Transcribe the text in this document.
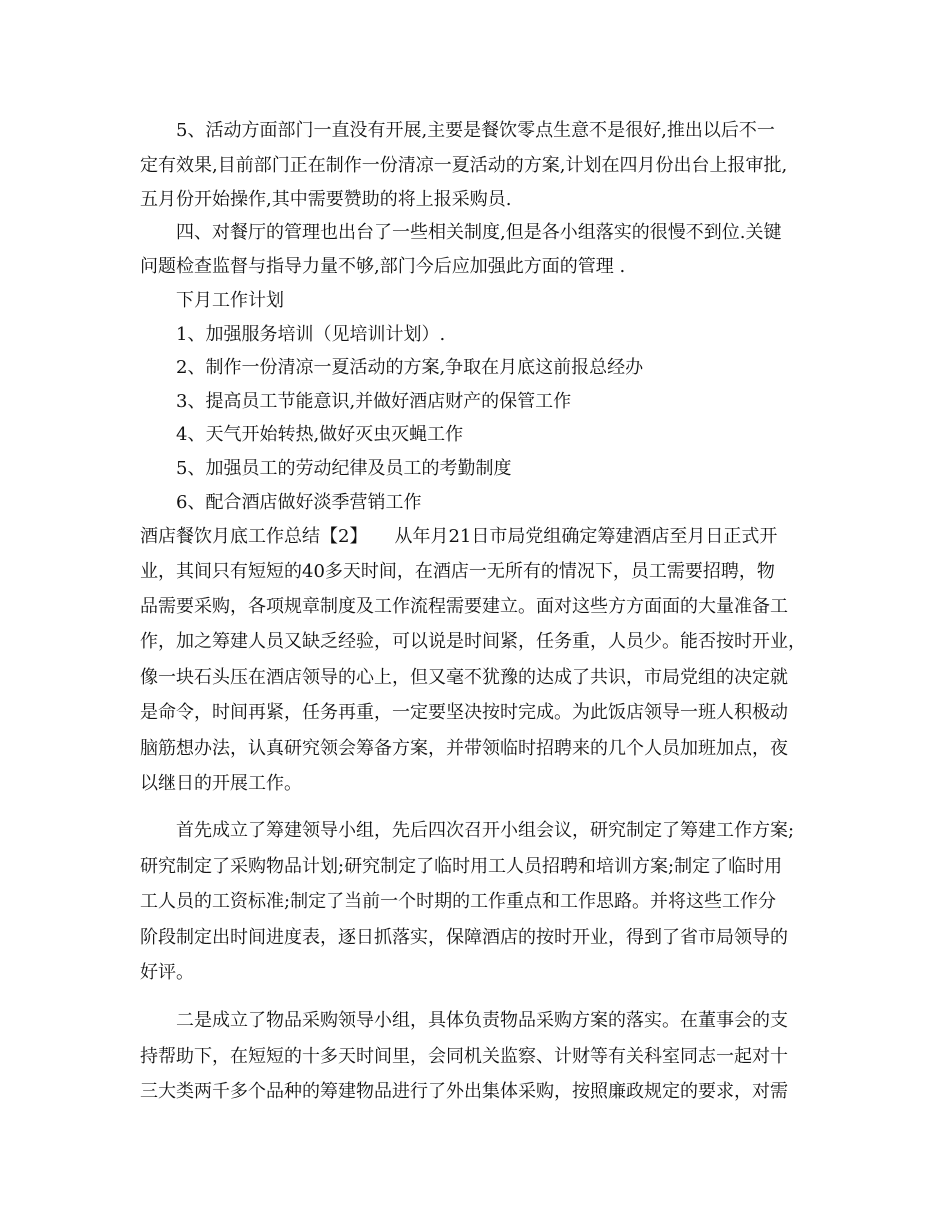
5、活动方面部门一直没有开展,主要是餐饮零点生意不是很好,推出以后不一
定有效果,目前部门正在制作一份清凉一夏活动的方案,计划在四月份出台上报审批,
五月份开始操作,其中需要赞助的将上报采购员.
四、对餐厅的管理也出台了一些相关制度,但是各小组落实的很慢不到位.关键
问题检查监督与指导力量不够,部门今后应加强此方面的管理 .
下月工作计划
1、加强服务培训（见培训计划）.
2、制作一份清凉一夏活动的方案,争取在月底这前报总经办
3、提高员工节能意识,并做好酒店财产的保管工作
4、天气开始转热,做好灭虫灭蝇工作
5、加强员工的劳动纪律及员工的考勤制度
6、配合酒店做好淡季营销工作
酒店餐饮月底工作总结【2】　　从年月21日市局党组确定筹建酒店至月日正式开
业，其间只有短短的40多天时间，在酒店一无所有的情况下，员工需要招聘，物
品需要采购，各项规章制度及工作流程需要建立。面对这些方方面面的大量准备工
作，加之筹建人员又缺乏经验，可以说是时间紧，任务重，人员少。能否按时开业，
像一块石头压在酒店领导的心上，但又毫不犹豫的达成了共识，市局党组的决定就
是命令，时间再紧，任务再重，一定要坚决按时完成。为此饭店领导一班人积极动
脑筋想办法，认真研究领会筹备方案，并带领临时招聘来的几个人员加班加点，夜
以继日的开展工作。
首先成立了筹建领导小组，先后四次召开小组会议，研究制定了筹建工作方案;
研究制定了采购物品计划;研究制定了临时用工人员招聘和培训方案;制定了临时用
工人员的工资标准;制定了当前一个时期的工作重点和工作思路。并将这些工作分
阶段制定出时间进度表，逐日抓落实，保障酒店的按时开业，得到了省市局领导的
好评。
二是成立了物品采购领导小组，具体负责物品采购方案的落实。在董事会的支
持帮助下，在短短的十多天时间里，会同机关监察、计财等有关科室同志一起对十
三大类两千多个品种的筹建物品进行了外出集体采购，按照廉政规定的要求，对需
